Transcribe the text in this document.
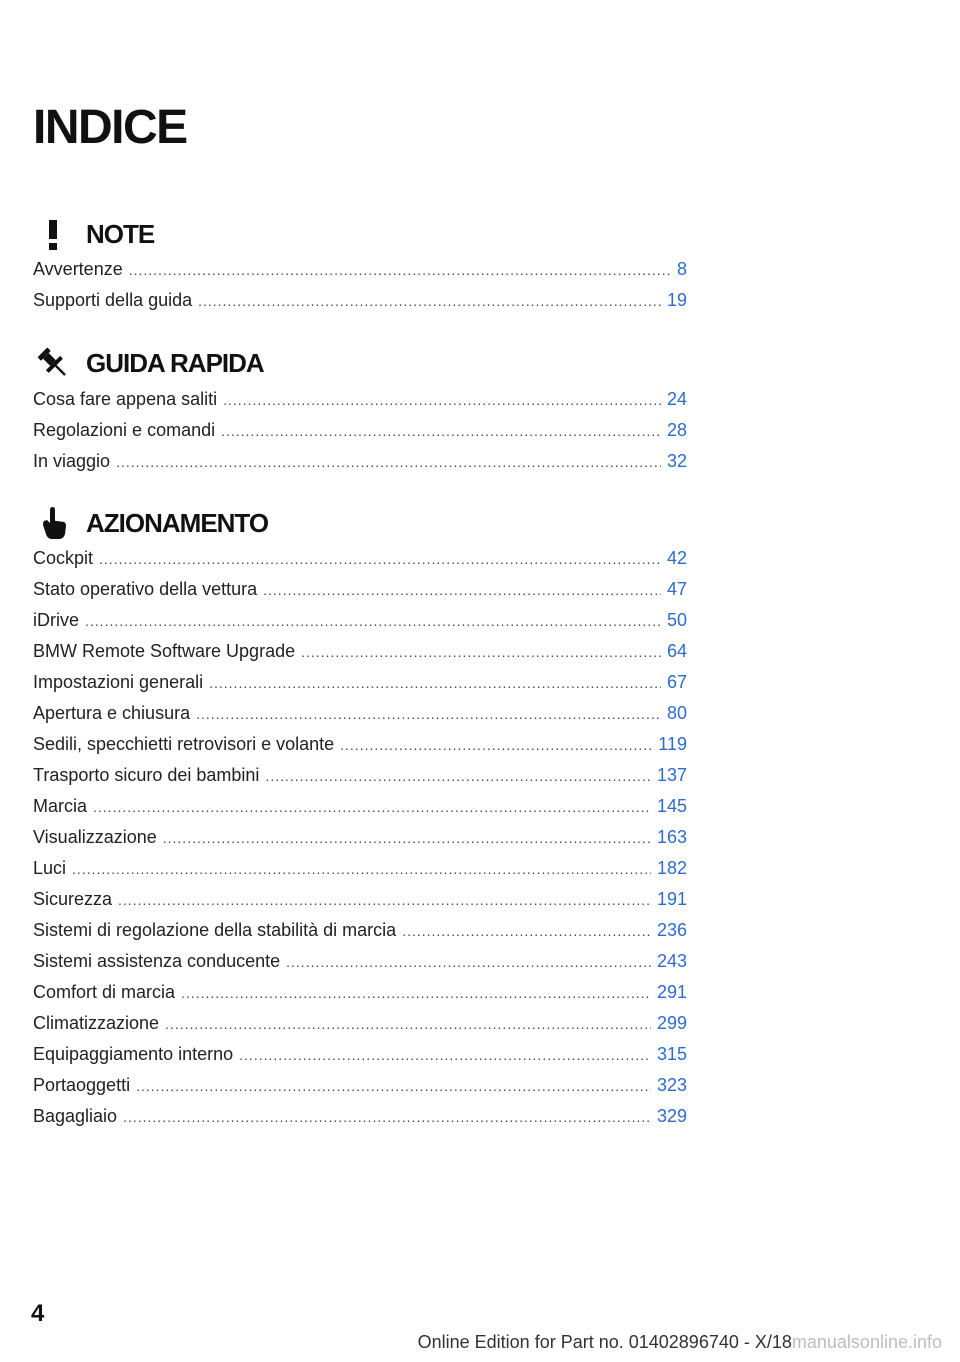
INDICE
NOTE
Avvertenze .....	8
Supporti della guida .....	19
GUIDA RAPIDA
Cosa fare appena saliti .....	24
Regolazioni e comandi .....	28
In viaggio .....	32
AZIONAMENTO
Cockpit .....	42
Stato operativo della vettura .....	47
iDrive .....	50
BMW Remote Software Upgrade .....	64
Impostazioni generali .....	67
Apertura e chiusura .....	80
Sedili, specchietti retrovisori e volante .....	119
Trasporto sicuro dei bambini .....	137
Marcia .....	145
Visualizzazione .....	163
Luci .....	182
Sicurezza .....	191
Sistemi di regolazione della stabilità di marcia .....	236
Sistemi assistenza conducente .....	243
Comfort di marcia .....	291
Climatizzazione .....	299
Equipaggiamento interno .....	315
Portaoggetti .....	323
Bagagliaio .....	329
4
Online Edition for Part no. 01402896740 - X/18manualsonline.info
